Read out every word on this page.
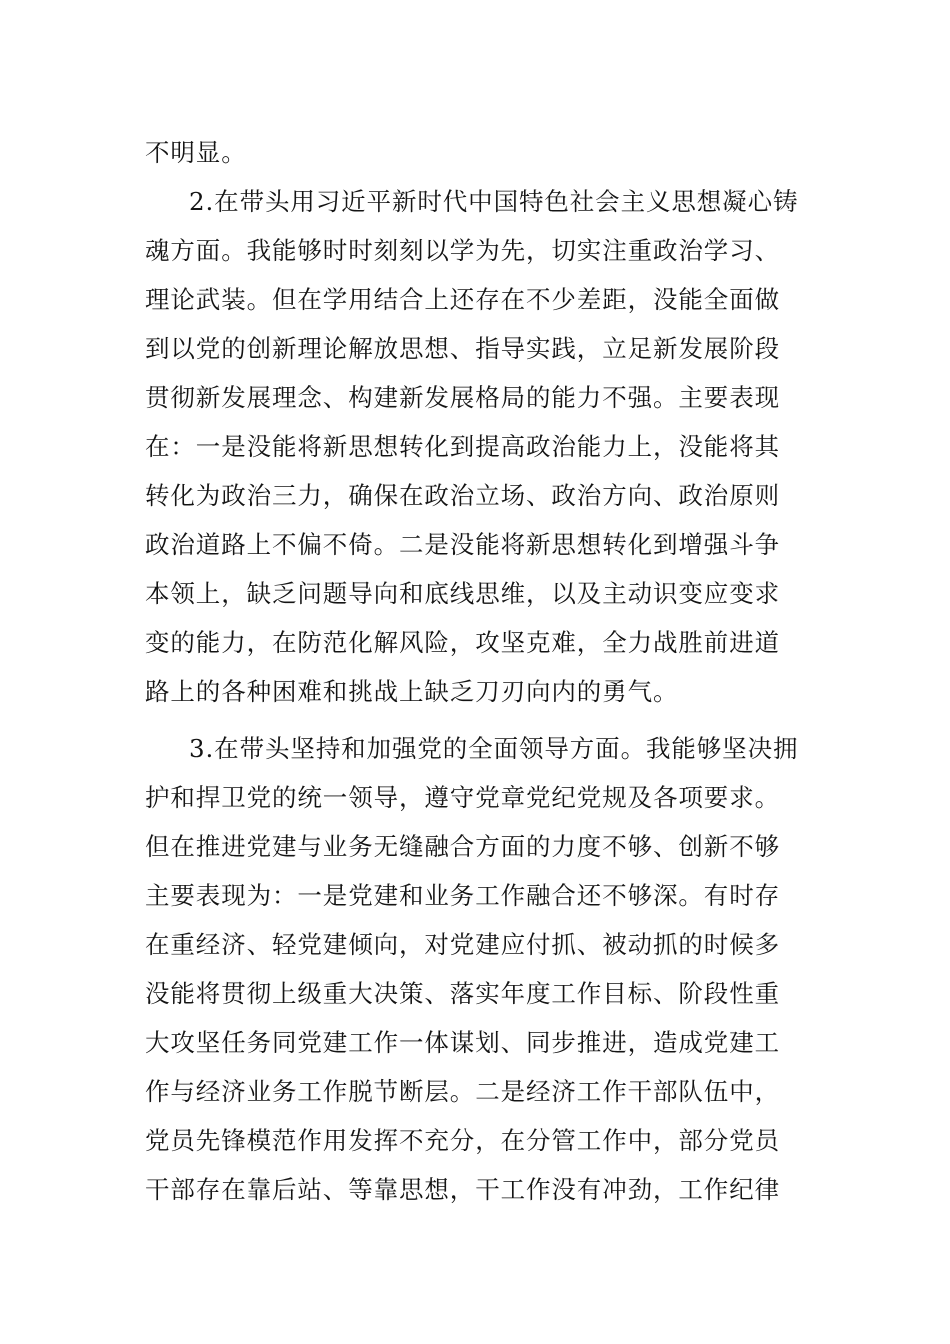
不明显。
2.在带头用习近平新时代中国特色社会主义思想凝心铸
魂方面。我能够时时刻刻以学为先，切实注重政治学习、
理论武装。但在学用结合上还存在不少差距，没能全面做
到以党的创新理论解放思想、指导实践，立足新发展阶段
贯彻新发展理念、构建新发展格局的能力不强。主要表现
在：一是没能将新思想转化到提高政治能力上，没能将其
转化为政治三力，确保在政治立场、政治方向、政治原则
政治道路上不偏不倚。二是没能将新思想转化到增强斗争
本领上，缺乏问题导向和底线思维，以及主动识变应变求
变的能力，在防范化解风险，攻坚克难，全力战胜前进道
路上的各种困难和挑战上缺乏刀刃向内的勇气。
3.在带头坚持和加强党的全面领导方面。我能够坚决拥
护和捍卫党的统一领导，遵守党章党纪党规及各项要求。
但在推进党建与业务无缝融合方面的力度不够、创新不够
主要表现为：一是党建和业务工作融合还不够深。有时存
在重经济、轻党建倾向，对党建应付抓、被动抓的时候多
没能将贯彻上级重大决策、落实年度工作目标、阶段性重
大攻坚任务同党建工作一体谋划、同步推进，造成党建工
作与经济业务工作脱节断层。二是经济工作干部队伍中，
党员先锋模范作用发挥不充分，在分管工作中，部分党员
干部存在靠后站、等靠思想，干工作没有冲劲，工作纪律
